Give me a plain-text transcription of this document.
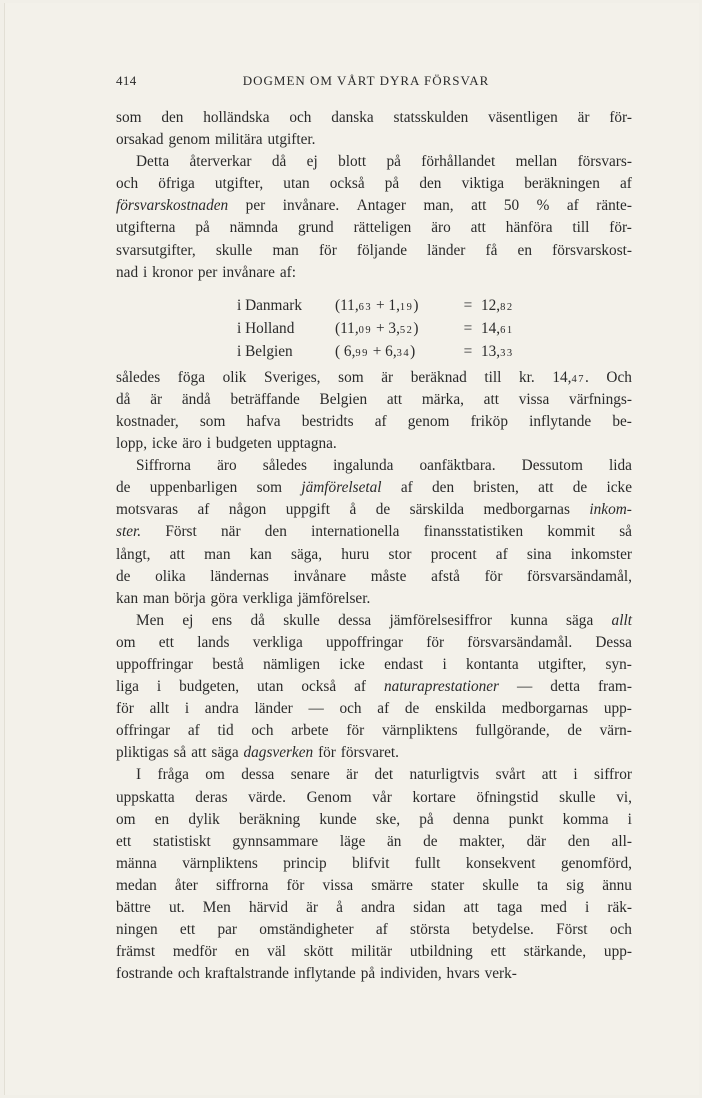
414	DOGMEN OM VÅRT DYRA FÖRSVAR
som den holländska och danska statsskulden väsentligen är för-
orsakad genom militära utgifter.
Detta återverkar då ej blott på förhållandet mellan försvars-
och öfriga utgifter, utan också på den viktiga beräkningen af
försvarskostnaden per invånare. Antager man, att 50 % af ränte-
utgifterna på nämnda grund rätteligen äro att hänföra till för-
svarsutgifter, skulle man för följande länder få en försvarskost-
nad i kronor per invånare af:
i Danmark	(11,63 + 1,19)	= 12,82
i Holland	(11,09 + 3,52)	= 14,61
i Belgien	( 6,99 + 6,34)	= 13,33
således föga olik Sveriges, som är beräknad till kr. 14,47. Och
då är ändå beträffande Belgien att märka, att vissa värfnings-
kostnader, som hafva bestridts af genom friköp inflytande be-
lopp, icke äro i budgeten upptagna.
Siffrorna äro således ingalunda oanfäktbara. Dessutom lida
de uppenbarligen som jämförelsetal af den bristen, att de icke
motsvaras af någon uppgift å de särskilda medborgarnas inkom-
ster. Först när den internationella finansstatistiken kommit så
långt, att man kan säga, huru stor procent af sina inkomster
de olika ländernas invånare måste afstå för försvarsändamål,
kan man börja göra verkliga jämförelser.
Men ej ens då skulle dessa jämförelsesiffror kunna säga allt
om ett lands verkliga uppoffringar för försvarsändamål. Dessa
uppoffringar bestå nämligen icke endast i kontanta utgifter, syn-
liga i budgeten, utan också af naturaprestationer — detta fram-
för allt i andra länder — och af de enskilda medborgarnas upp-
offringar af tid och arbete för värnpliktens fullgörande, de värn-
pliktigas så att säga dagsverken för försvaret.
I fråga om dessa senare är det naturligtvis svårt att i siffror
uppskatta deras värde. Genom vår kortare öfningstid skulle vi,
om en dylik beräkning kunde ske, på denna punkt komma i
ett statistiskt gynnsammare läge än de makter, där den all-
männa värnpliktens princip blifvit fullt konsekvent genomförd,
medan åter siffrorna för vissa smärre stater skulle ta sig ännu
bättre ut. Men härvid är å andra sidan att taga med i räk-
ningen ett par omständigheter af största betydelse. Först och
främst medför en väl skött militär utbildning ett stärkande, upp-
fostrande och kraftalstrande inflytande på individen, hvars verk-
